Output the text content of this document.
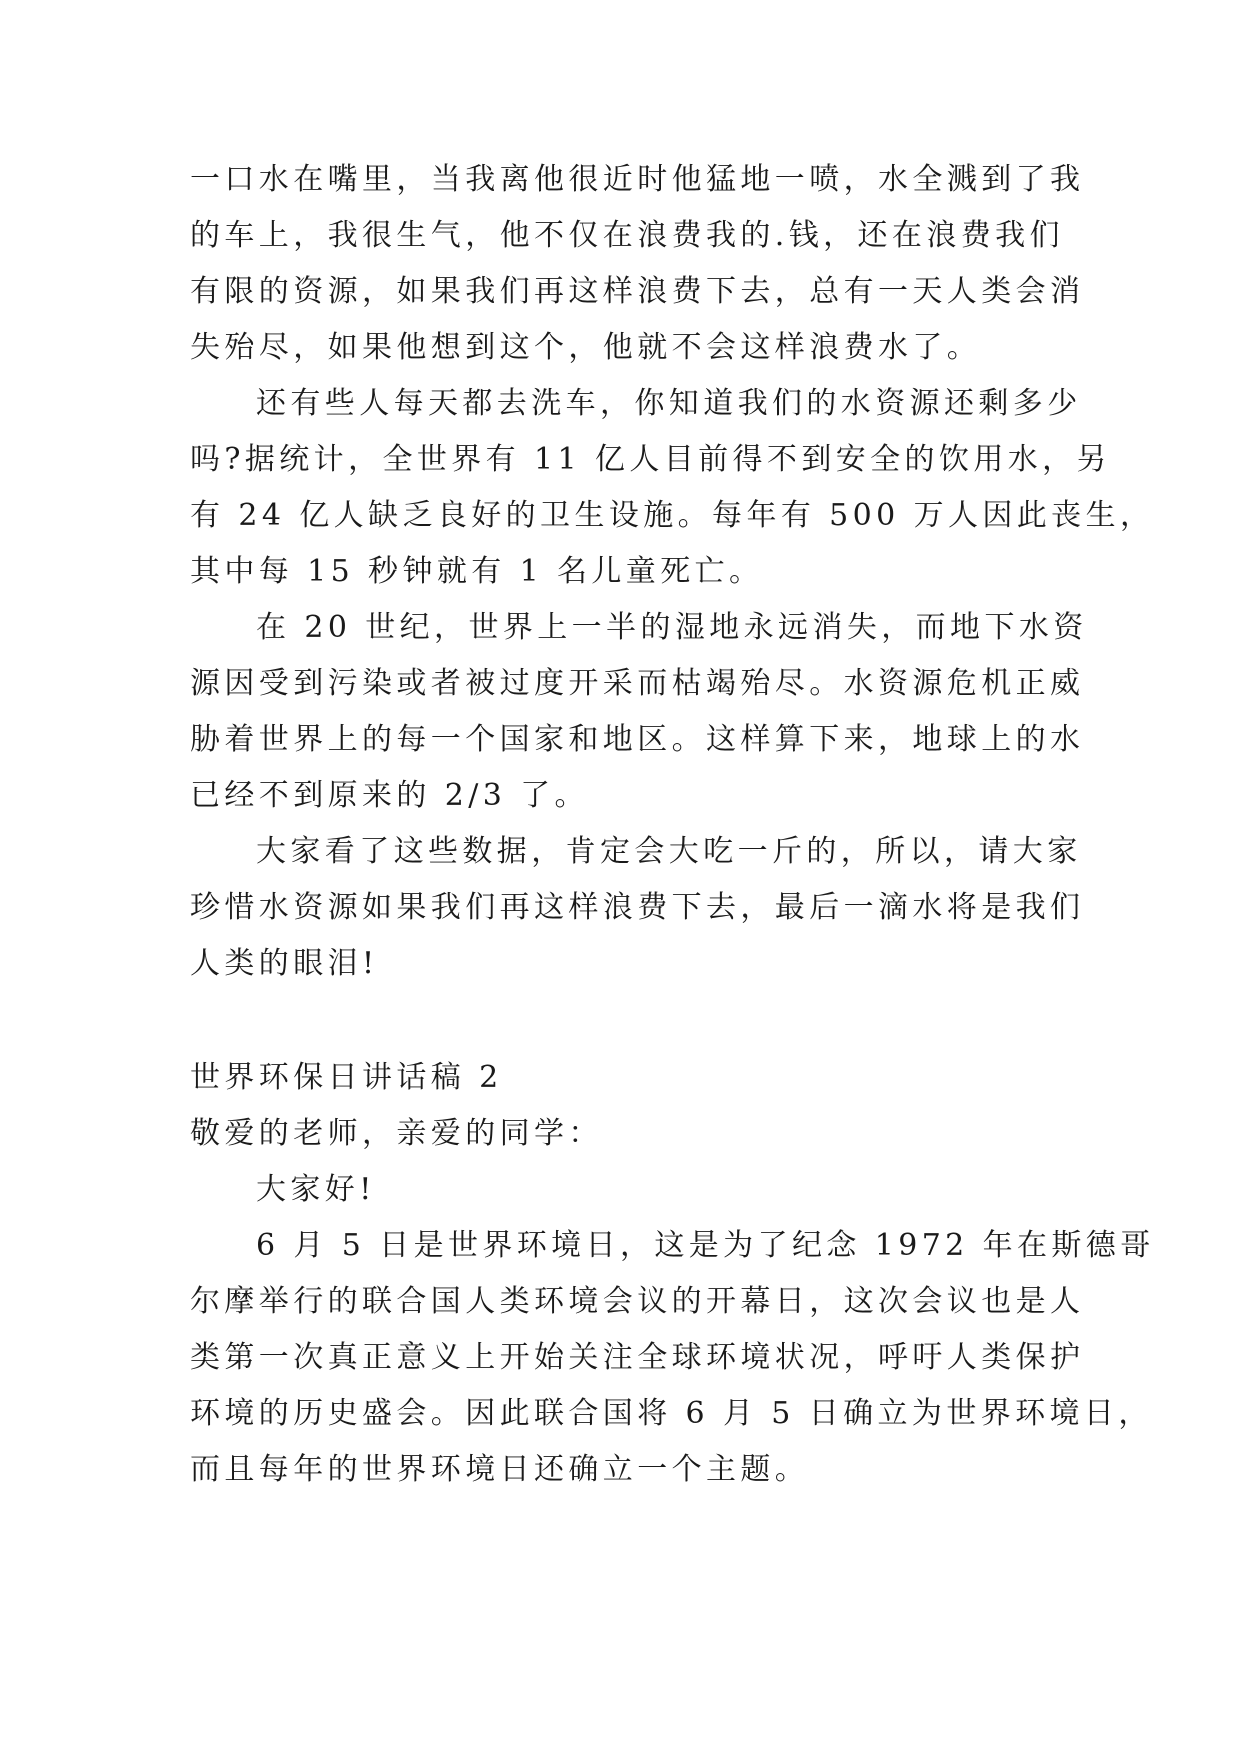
一口水在嘴里，当我离他很近时他猛地一喷，水全溅到了我
的车上，我很生气，他不仅在浪费我的.钱，还在浪费我们
有限的资源，如果我们再这样浪费下去，总有一天人类会消
失殆尽，如果他想到这个，他就不会这样浪费水了。
还有些人每天都去洗车，你知道我们的水资源还剩多少
吗?据统计，全世界有 11 亿人目前得不到安全的饮用水，另
有 24 亿人缺乏良好的卫生设施。每年有 500 万人因此丧生，
其中每 15 秒钟就有 1 名儿童死亡。
在 20 世纪，世界上一半的湿地永远消失，而地下水资
源因受到污染或者被过度开采而枯竭殆尽。水资源危机正威
胁着世界上的每一个国家和地区。这样算下来，地球上的水
已经不到原来的 2/3 了。
大家看了这些数据，肯定会大吃一斤的，所以，请大家
珍惜水资源如果我们再这样浪费下去，最后一滴水将是我们
人类的眼泪!
世界环保日讲话稿 2
敬爱的老师，亲爱的同学：
大家好!
6 月 5 日是世界环境日，这是为了纪念 1972 年在斯德哥
尔摩举行的联合国人类环境会议的开幕日，这次会议也是人
类第一次真正意义上开始关注全球环境状况，呼吁人类保护
环境的历史盛会。因此联合国将 6 月 5 日确立为世界环境日，
而且每年的世界环境日还确立一个主题。
